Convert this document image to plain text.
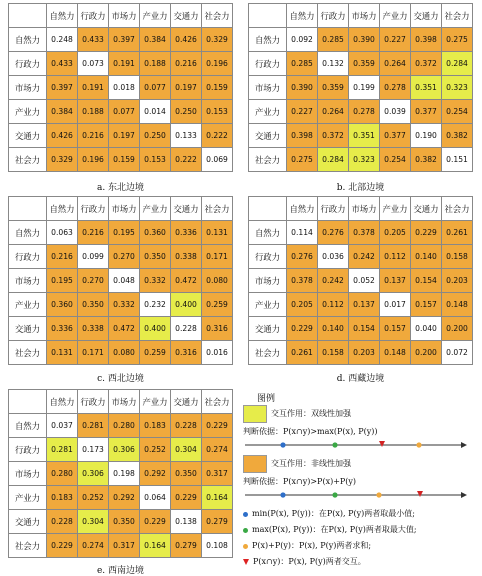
	自然力	行政力	市场力	产业力	交通力	社会力
自然力	0.248	0.433	0.397	0.384	0.426	0.329
行政力	0.433	0.073	0.191	0.188	0.216	0.196
市场力	0.397	0.191	0.018	0.077	0.197	0.159
产业力	0.384	0.188	0.077	0.014	0.250	0.153
交通力	0.426	0.216	0.197	0.250	0.133	0.222
社会力	0.329	0.196	0.159	0.153	0.222	0.069
a. 东北边境
	自然力	行政力	市场力	产业力	交通力	社会力
自然力	0.092	0.285	0.390	0.227	0.398	0.275
行政力	0.285	0.132	0.359	0.264	0.372	0.284
市场力	0.390	0.359	0.199	0.278	0.351	0.323
产业力	0.227	0.264	0.278	0.039	0.377	0.254
交通力	0.398	0.372	0.351	0.377	0.190	0.382
社会力	0.275	0.284	0.323	0.254	0.382	0.151
b. 北部边境
	自然力	行政力	市场力	产业力	交通力	社会力
自然力	0.063	0.216	0.195	0.360	0.336	0.131
行政力	0.216	0.099	0.270	0.350	0.338	0.171
市场力	0.195	0.270	0.048	0.332	0.472	0.080
产业力	0.360	0.350	0.332	0.232	0.400	0.259
交通力	0.336	0.338	0.472	0.400	0.228	0.316
社会力	0.131	0.171	0.080	0.259	0.316	0.016
c. 西北边境
	自然力	行政力	市场力	产业力	交通力	社会力
自然力	0.114	0.276	0.378	0.205	0.229	0.261
行政力	0.276	0.036	0.242	0.112	0.140	0.158
市场力	0.378	0.242	0.052	0.137	0.154	0.203
产业力	0.205	0.112	0.137	0.017	0.157	0.148
交通力	0.229	0.140	0.154	0.157	0.040	0.200
社会力	0.261	0.158	0.203	0.148	0.200	0.072
d. 西藏边境
	自然力	行政力	市场力	产业力	交通力	社会力
自然力	0.037	0.281	0.280	0.183	0.228	0.229
行政力	0.281	0.173	0.306	0.252	0.304	0.274
市场力	0.280	0.306	0.198	0.292	0.350	0.317
产业力	0.183	0.252	0.292	0.064	0.229	0.164
交通力	0.228	0.304	0.350	0.229	0.138	0.279
社会力	0.229	0.274	0.317	0.164	0.279	0.108
e. 西南边境
图例
交互作用：双线性加强
判断依据：P(x∩y)>max(P(x), P(y))
交互作用：非线性加强
判断依据：P(x∩y)>P(x)+P(y)
min(P(x), P(y))：在P(x), P(y)两者取最小值;
max(P(x), P(y))：在P(x), P(y)两者取最大值;
P(x)+P(y)：P(x), P(y)两者求和;
P(x∩y)：P(x), P(y)两者交互。
